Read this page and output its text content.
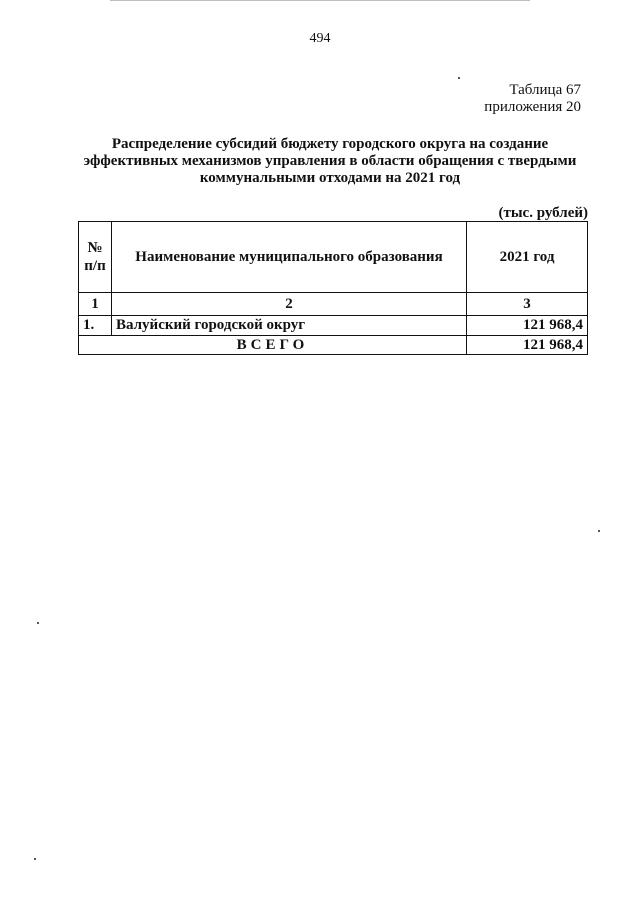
494
Таблица 67
приложения 20
Распределение субсидий бюджету городского округа на создание
эффективных механизмов управления в области обращения с твердыми
коммунальными отходами на 2021 год
(тыс. рублей)
№
п/п	Наименование муниципального образования	2021 год
1	2	3
1.	Валуйский городской округ	121 968,4
ВСЕГО		121 968,4
